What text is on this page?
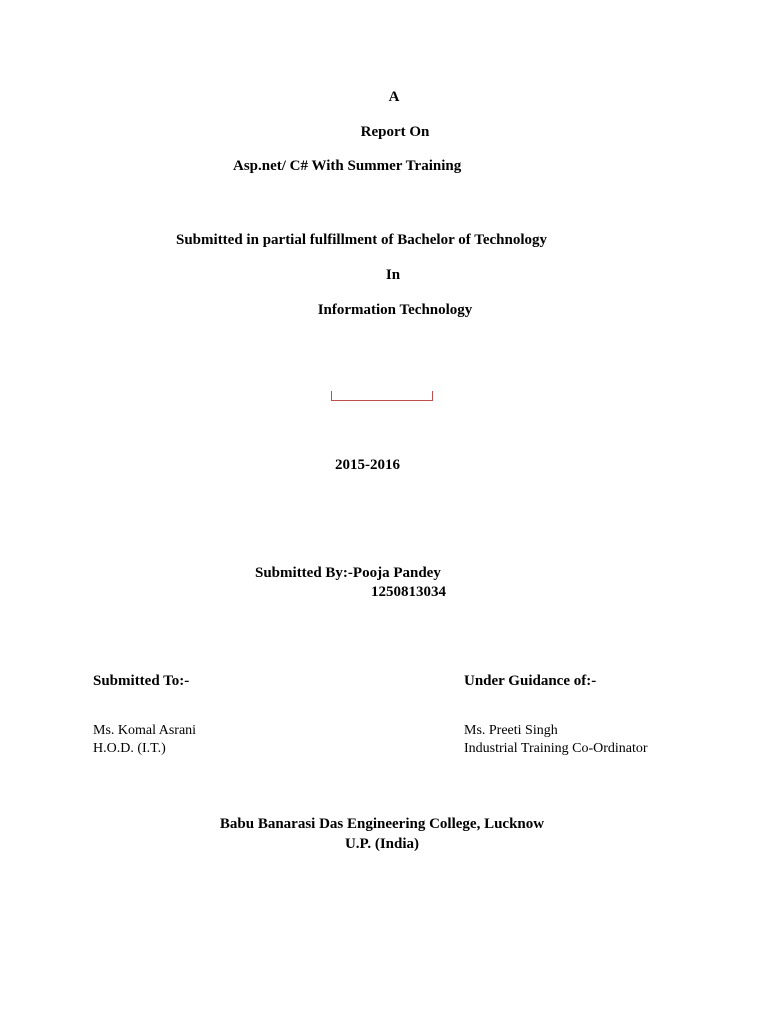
A
Report On
Asp.net/ C# With Summer Training
Submitted in partial fulfillment of Bachelor of Technology
In
Information Technology
2015-2016
Submitted By:-Pooja Pandey
1250813034
Submitted To:-	Under Guidance of:-
Ms. Komal Asrani
H.O.D. (I.T.)
Ms. Preeti Singh
Industrial Training Co-Ordinator
Babu Banarasi Das Engineering College, Lucknow
U.P. (India)
